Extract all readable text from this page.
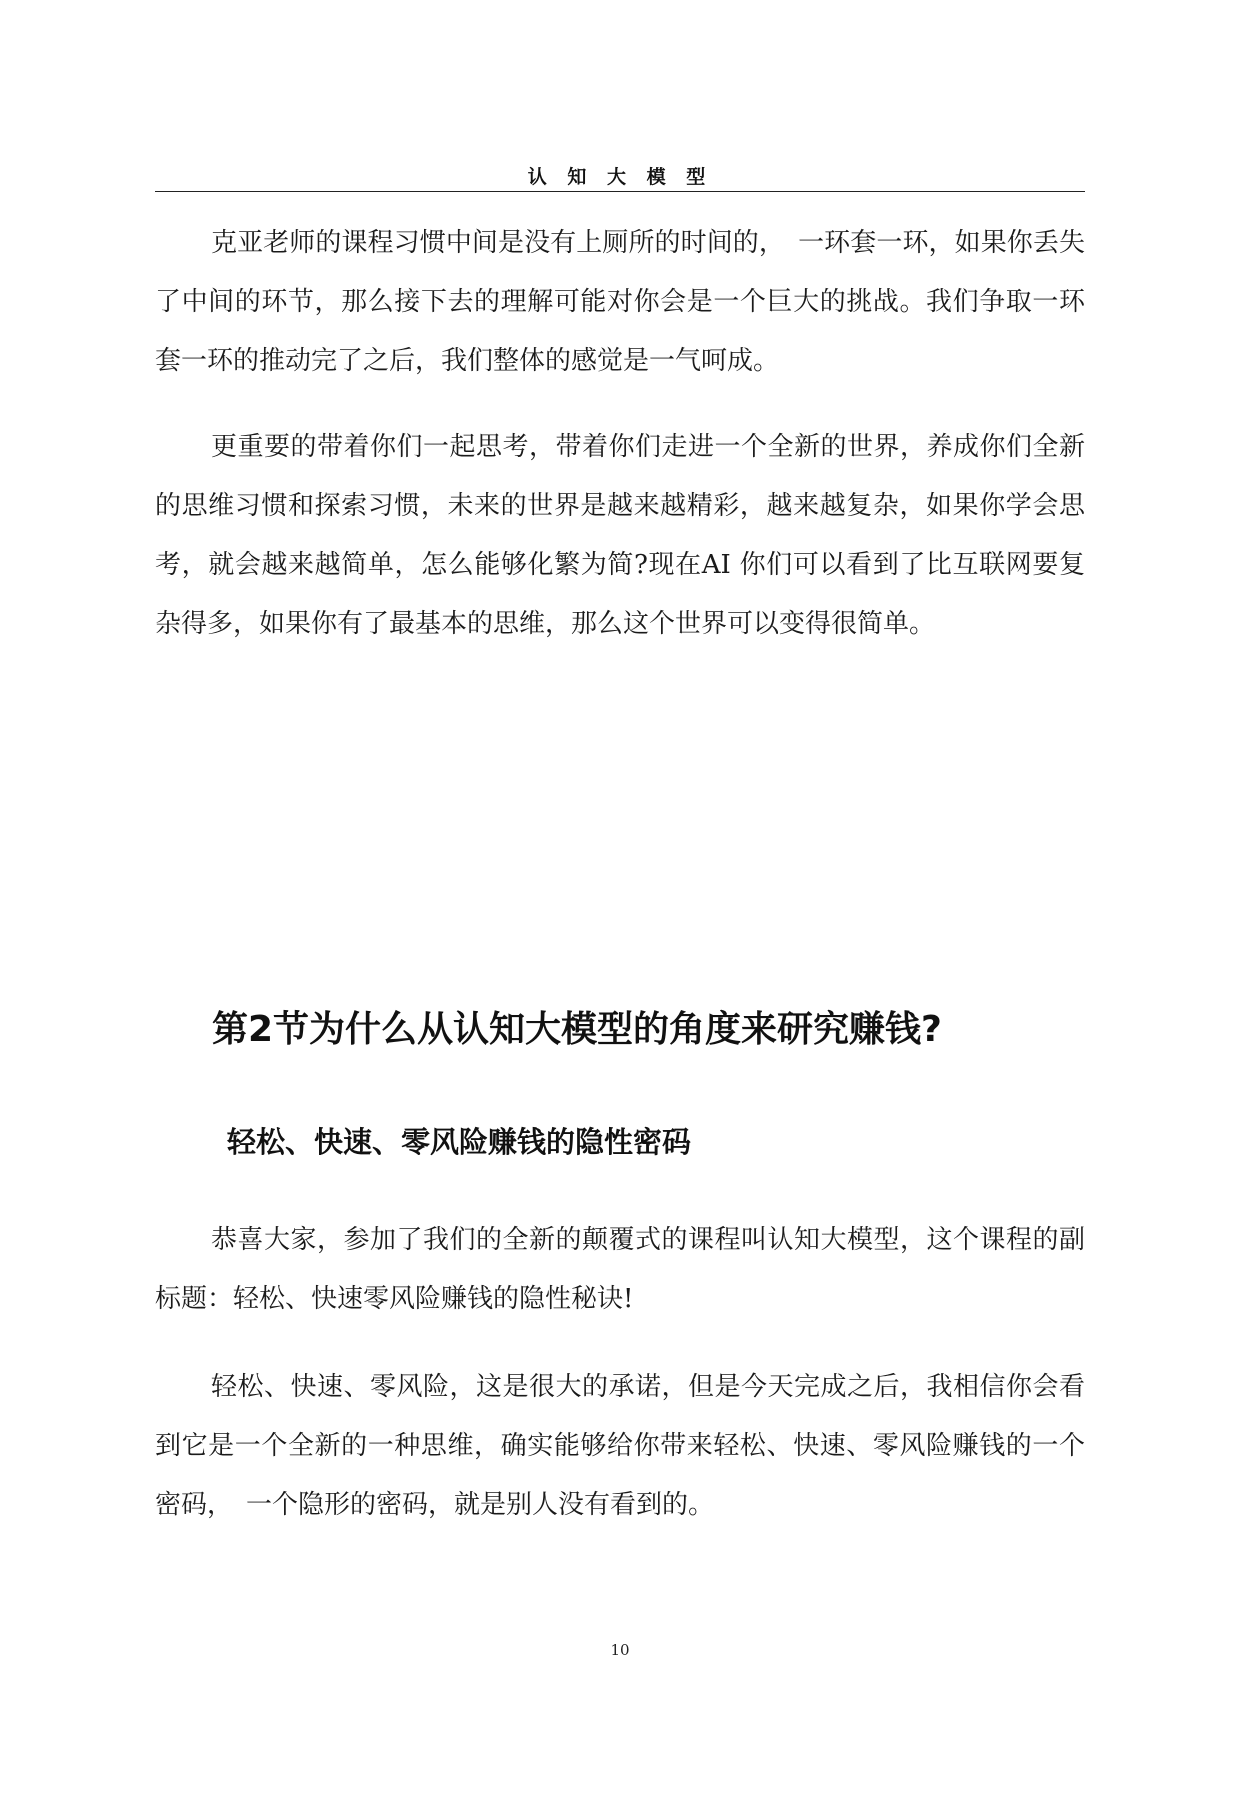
认 知 大 模 型

克亚老师的课程习惯中间是没有上厕所的时间的，　一环套一环，如果你丢失了中间的环节，那么接下去的理解可能对你会是一个巨大的挑战。我们争取一环套一环的推动完了之后，我们整体的感觉是一气呵成。

更重要的带着你们一起思考，带着你们走进一个全新的世界，养成你们全新的思维习惯和探索习惯，未来的世界是越来越精彩，越来越复杂，如果你学会思考，就会越来越简单，怎么能够化繁为简?现在AI 你们可以看到了比互联网要复杂得多，如果你有了最基本的思维，那么这个世界可以变得很简单。

第2节为什么从认知大模型的角度来研究赚钱?
轻松、快速、零风险赚钱的隐性密码

恭喜大家，参加了我们的全新的颠覆式的课程叫认知大模型，这个课程的副标题：轻松、快速零风险赚钱的隐性秘诀!

轻松、快速、零风险，这是很大的承诺，但是今天完成之后，我相信你会看到它是一个全新的一种思维，确实能够给你带来轻松、快速、零风险赚钱的一个密码，　一个隐形的密码，就是别人没有看到的。

10
